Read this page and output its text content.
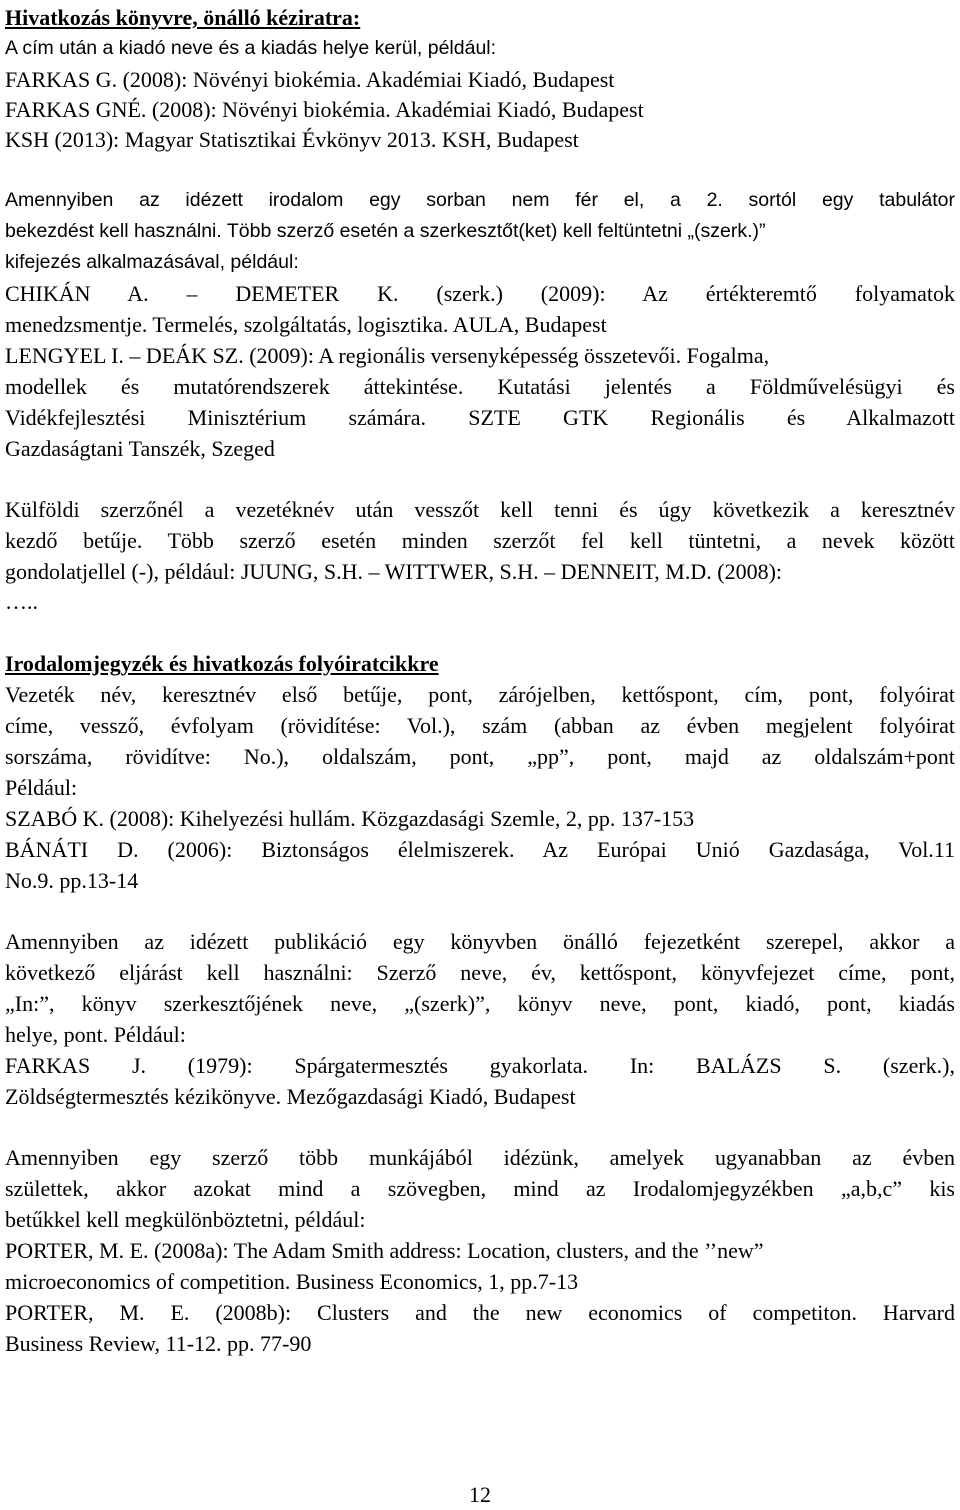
Hivatkozás könyvre, önálló kéziratra:
A cím után a kiadó neve és a kiadás helye kerül, például:
FARKAS G. (2008): Növényi biokémia. Akadémiai Kiadó, Budapest
FARKAS GNÉ. (2008): Növényi biokémia. Akadémiai Kiadó, Budapest
KSH (2013): Magyar Statisztikai Évkönyv 2013. KSH, Budapest
Amennyiben az idézett irodalom egy sorban nem fér el, a 2. sortól egy tabulátor
bekezdést kell használni. Több szerző esetén a szerkesztőt(ket) kell feltüntetni „(szerk.)”
kifejezés alkalmazásával, például:
CHIKÁN A. – DEMETER K. (szerk.) (2009): Az értékteremtő folyamatok
menedzsmentje. Termelés, szolgáltatás, logisztika. AULA, Budapest
LENGYEL I. – DEÁK SZ. (2009): A regionális versenyképesség összetevői. Fogalma,
modellek és mutatórendszerek áttekintése. Kutatási jelentés a Földművelésügyi és
Vidékfejlesztési Minisztérium számára. SZTE GTK Regionális és Alkalmazott
Gazdaságtani Tanszék, Szeged
Külföldi szerzőnél a vezetéknév után vesszőt kell tenni és úgy következik a keresztnév
kezdő betűje. Több szerző esetén minden szerzőt fel kell tüntetni, a nevek között
gondolatjellel (-), például: JUUNG, S.H. – WITTWER, S.H. – DENNEIT, M.D. (2008):
…..
Irodalomjegyzék és hivatkozás folyóiratcikkre
Vezeték név, keresztnév első betűje, pont, zárójelben, kettőspont, cím, pont, folyóirat
címe, vessző, évfolyam (rövidítése: Vol.), szám (abban az évben megjelent folyóirat
sorszáma, rövidítve: No.), oldalszám, pont, „pp”, pont, majd az oldalszám+pont
Például:
SZABÓ K. (2008): Kihelyezési hullám. Közgazdasági Szemle, 2, pp. 137-153
BÁNÁTI D. (2006): Biztonságos élelmiszerek. Az Európai Unió Gazdasága, Vol.11
No.9. pp.13-14
Amennyiben az idézett publikáció egy könyvben önálló fejezetként szerepel, akkor a
következő eljárást kell használni: Szerző neve, év, kettőspont, könyvfejezet címe, pont,
„In:”, könyv szerkesztőjének neve, „(szerk)”, könyv neve, pont, kiadó, pont, kiadás
helye, pont. Például:
FARKAS J. (1979): Spárgatermesztés gyakorlata. In: BALÁZS S. (szerk.),
Zöldségtermesztés kézikönyve. Mezőgazdasági Kiadó, Budapest
Amennyiben egy szerző több munkájából idézünk, amelyek ugyanabban az évben
születtek, akkor azokat mind a szövegben, mind az Irodalomjegyzékben „a,b,c” kis
betűkkel kell megkülönböztetni, például:
PORTER, M. E. (2008a): The Adam Smith address: Location, clusters, and the ’’new”
microeconomics of competition. Business Economics, 1, pp.7-13
PORTER, M. E. (2008b): Clusters and the new economics of competiton. Harvard
Business Review, 11-12. pp. 77-90
12
